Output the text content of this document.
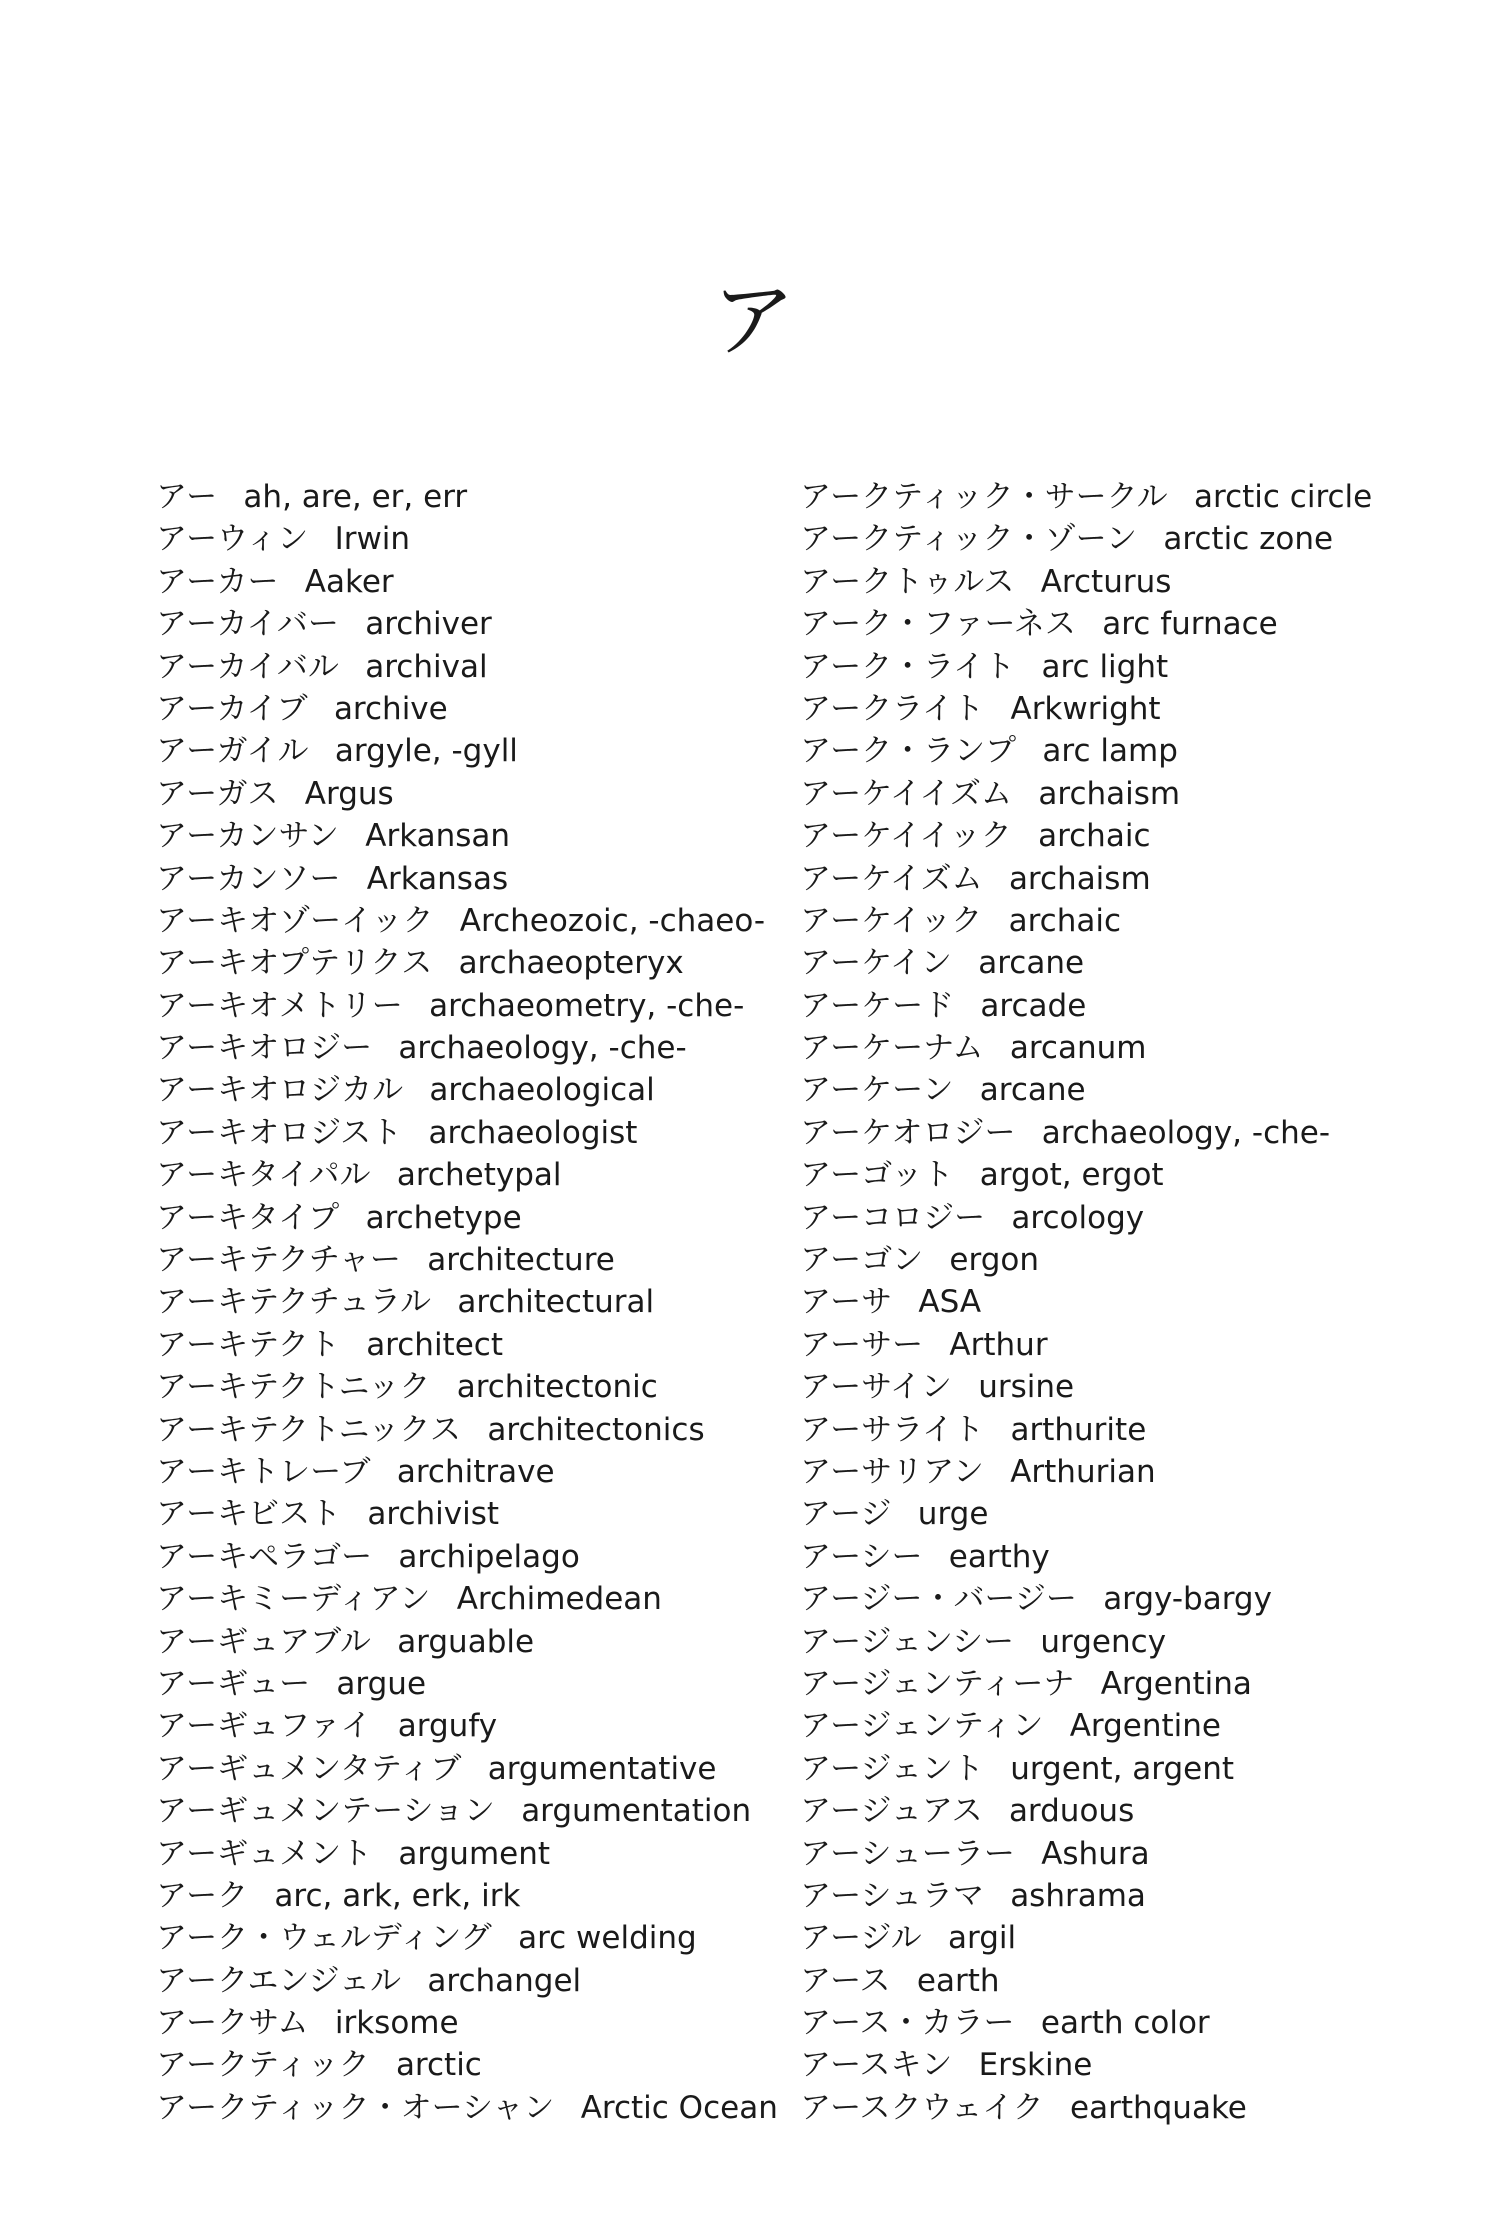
ア
アー ah, are, er, err
アーウィン Irwin
アーカー Aaker
アーカイバー archiver
アーカイバル archival
アーカイブ archive
アーガイル argyle, -gyll
アーガス Argus
アーカンサン Arkansan
アーカンソー Arkansas
アーキオゾーイック Archeozoic, -chaeo-
アーキオプテリクス archaeopteryx
アーキオメトリー archaeometry, -che-
アーキオロジー archaeology, -che-
アーキオロジカル archaeological
アーキオロジスト archaeologist
アーキタイパル archetypal
アーキタイプ archetype
アーキテクチャー architecture
アーキテクチュラル architectural
アーキテクト architect
アーキテクトニック architectonic
アーキテクトニックス architectonics
アーキトレーブ architrave
アーキビスト archivist
アーキペラゴー archipelago
アーキミーディアン Archimedean
アーギュアブル arguable
アーギュー argue
アーギュファイ argufy
アーギュメンタティブ argumentative
アーギュメンテーション argumentation
アーギュメント argument
アーク arc, ark, erk, irk
アーク・ウェルディング arc welding
アークエンジェル archangel
アークサム irksome
アークティック arctic
アークティック・オーシャン Arctic Ocean
アークティック・サークル arctic circle
アークティック・ゾーン arctic zone
アークトゥルス Arcturus
アーク・ファーネス arc furnace
アーク・ライト arc light
アークライト Arkwright
アーク・ランプ arc lamp
アーケイイズム archaism
アーケイイック archaic
アーケイズム archaism
アーケイック archaic
アーケイン arcane
アーケード arcade
アーケーナム arcanum
アーケーン arcane
アーケオロジー archaeology, -che-
アーゴット argot, ergot
アーコロジー arcology
アーゴン ergon
アーサ ASA
アーサー Arthur
アーサイン ursine
アーサライト arthurite
アーサリアン Arthurian
アージ urge
アーシー earthy
アージー・バージー argy-bargy
アージェンシー urgency
アージェンティーナ Argentina
アージェンティン Argentine
アージェント urgent, argent
アージュアス arduous
アーシューラー Ashura
アーシュラマ ashrama
アージル argil
アース earth
アース・カラー earth color
アースキン Erskine
アースクウェイク earthquake
